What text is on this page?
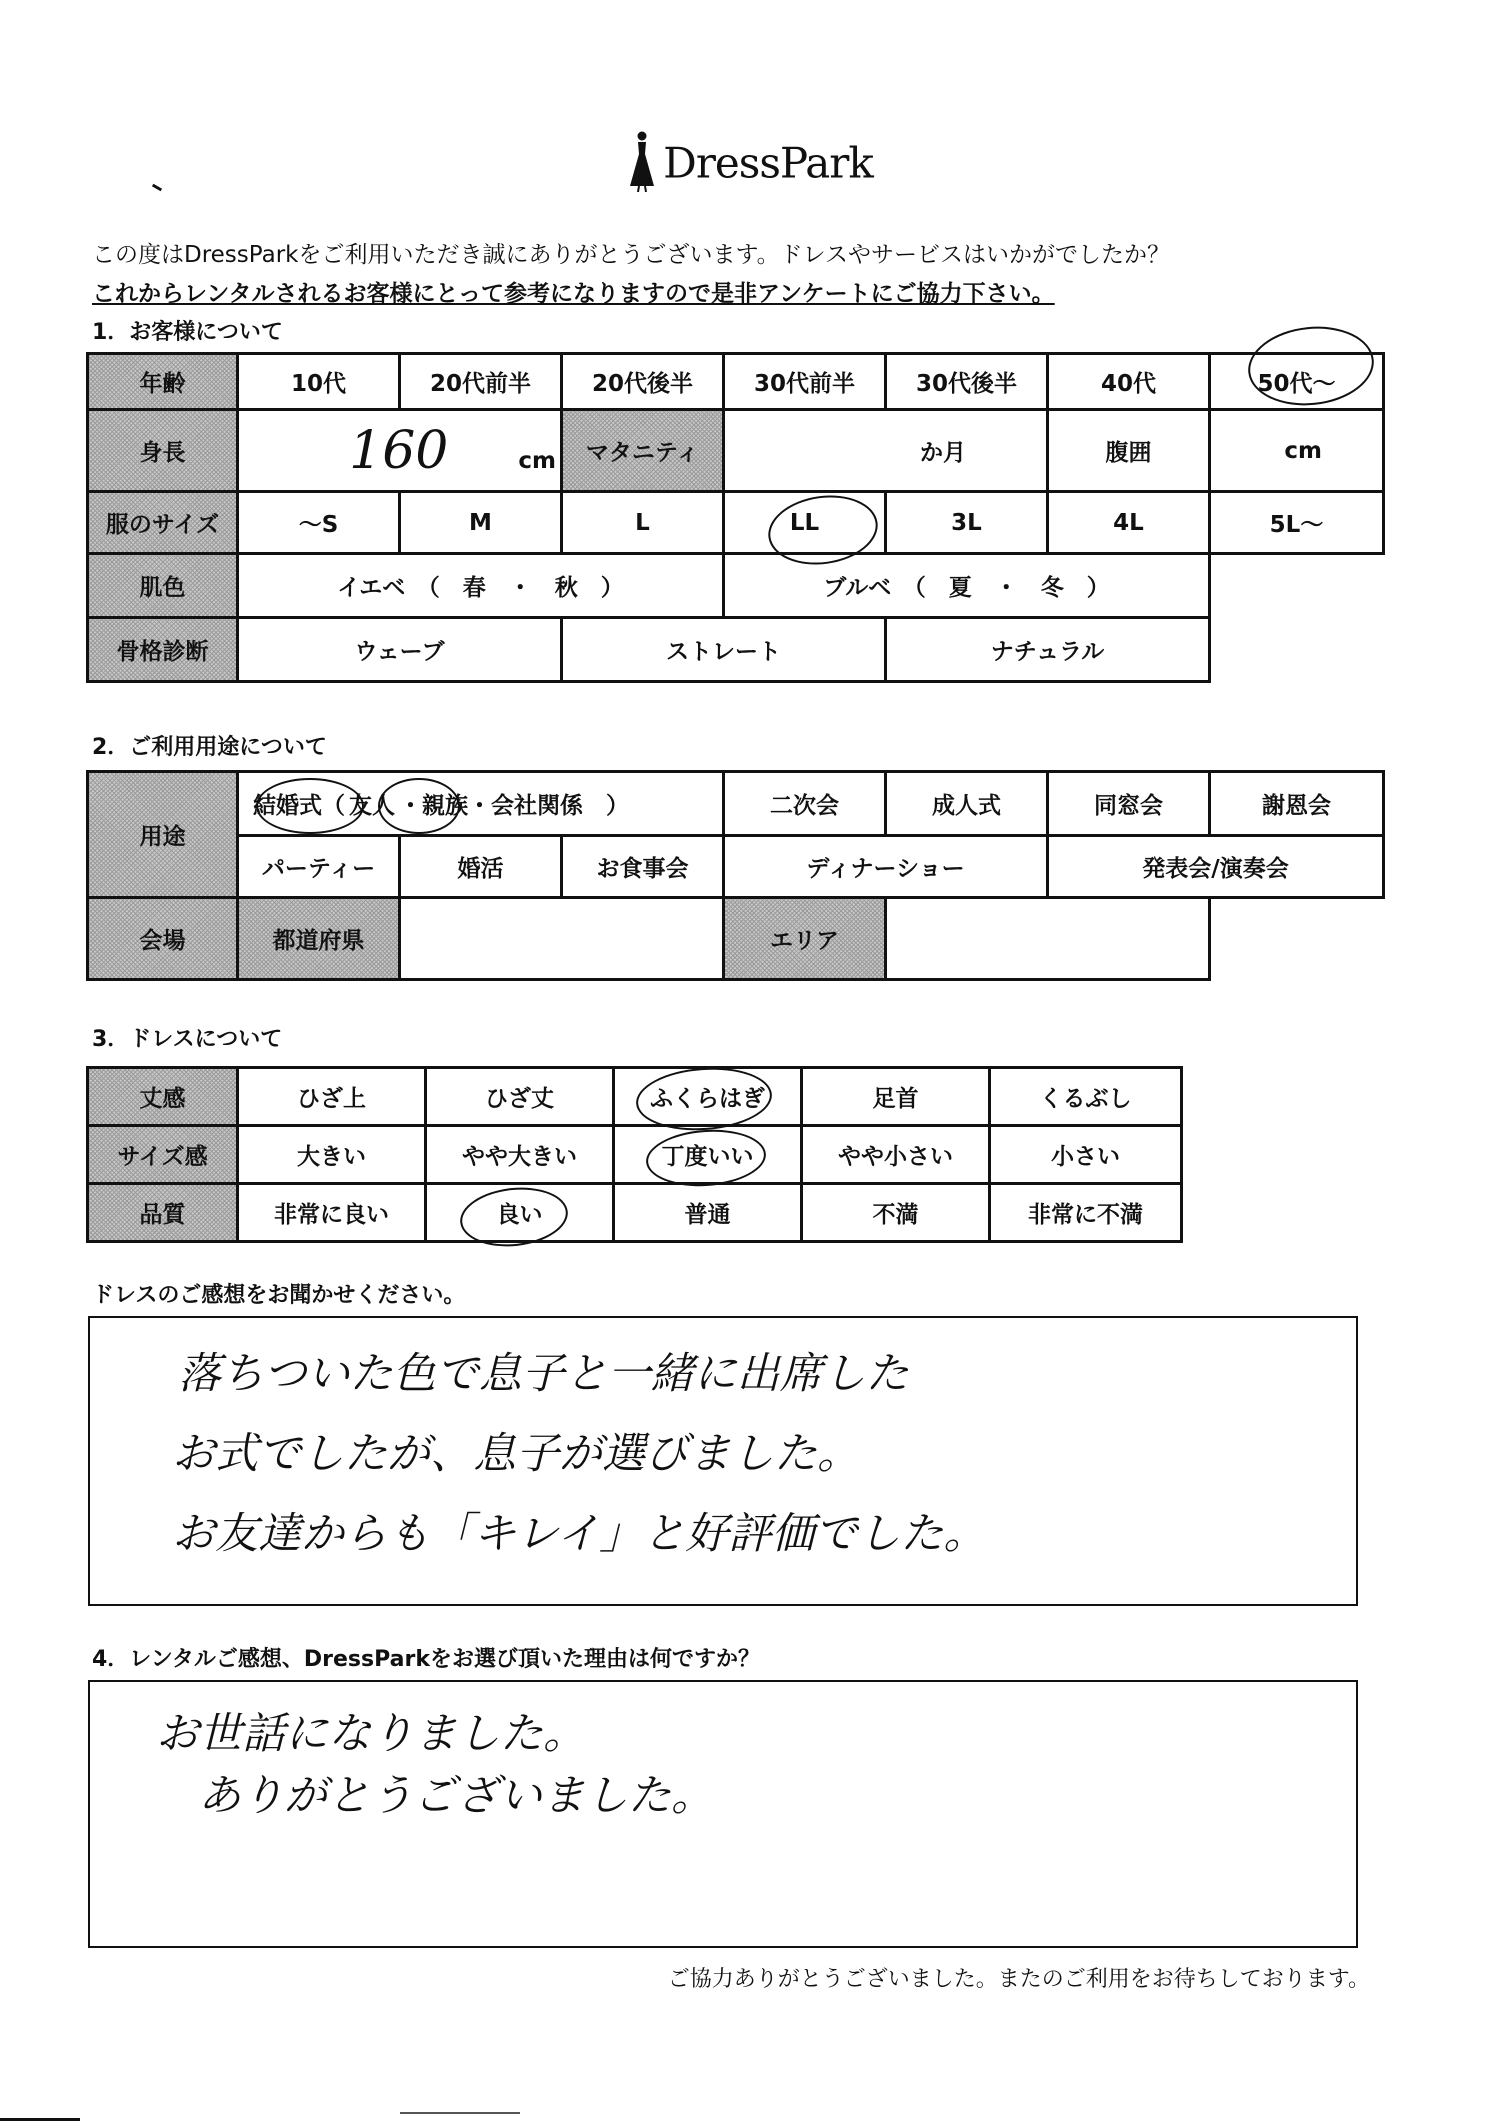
DressPark
この度はDressParkをご利用いただき誠にありがとうございます。ドレスやサービスはいかがでしたか？
これからレンタルされるお客様にとって参考になりますので是非アンケートにご協力下さい。
1．お客様について
年齢	10代	20代前半	20代後半	30代前半	30代後半	40代	50代～
身長	160 cm		マタニティ	か月		腹囲	cm
服のサイズ	～S	M	L	LL	3L	4L	5L～
肌色	イエベ　（　春　・　秋　）			ブルベ　（　夏　・　冬　）			
骨格診断	ウェーブ		ストレート		ナチュラル		
2．ご利用用途について
用途	結婚式（ 友人 ・親族・会社関係　）			二次会	成人式	同窓会	謝恩会
	パーティー	婚活	お食事会	ディナーショー		発表会/演奏会	
会場	都道府県			エリア			
3．ドレスについて
丈感	ひざ上	ひざ丈	ふくらはぎ	足首	くるぶし
サイズ感	大きい	やや大きい	丁度いい	やや小さい	小さい
品質	非常に良い	良い	普通	不満	非常に不満
ドレスのご感想をお聞かせください。
落ちついた色で息子と一緒に出席した
お式でしたが、息子が選びました。
お友達からも「キレイ」と好評価でした。
4．レンタルご感想、DressParkをお選び頂いた理由は何ですか？
お世話になりました。
ありがとうございました。
ご協力ありがとうございました。またのご利用をお待ちしております。
